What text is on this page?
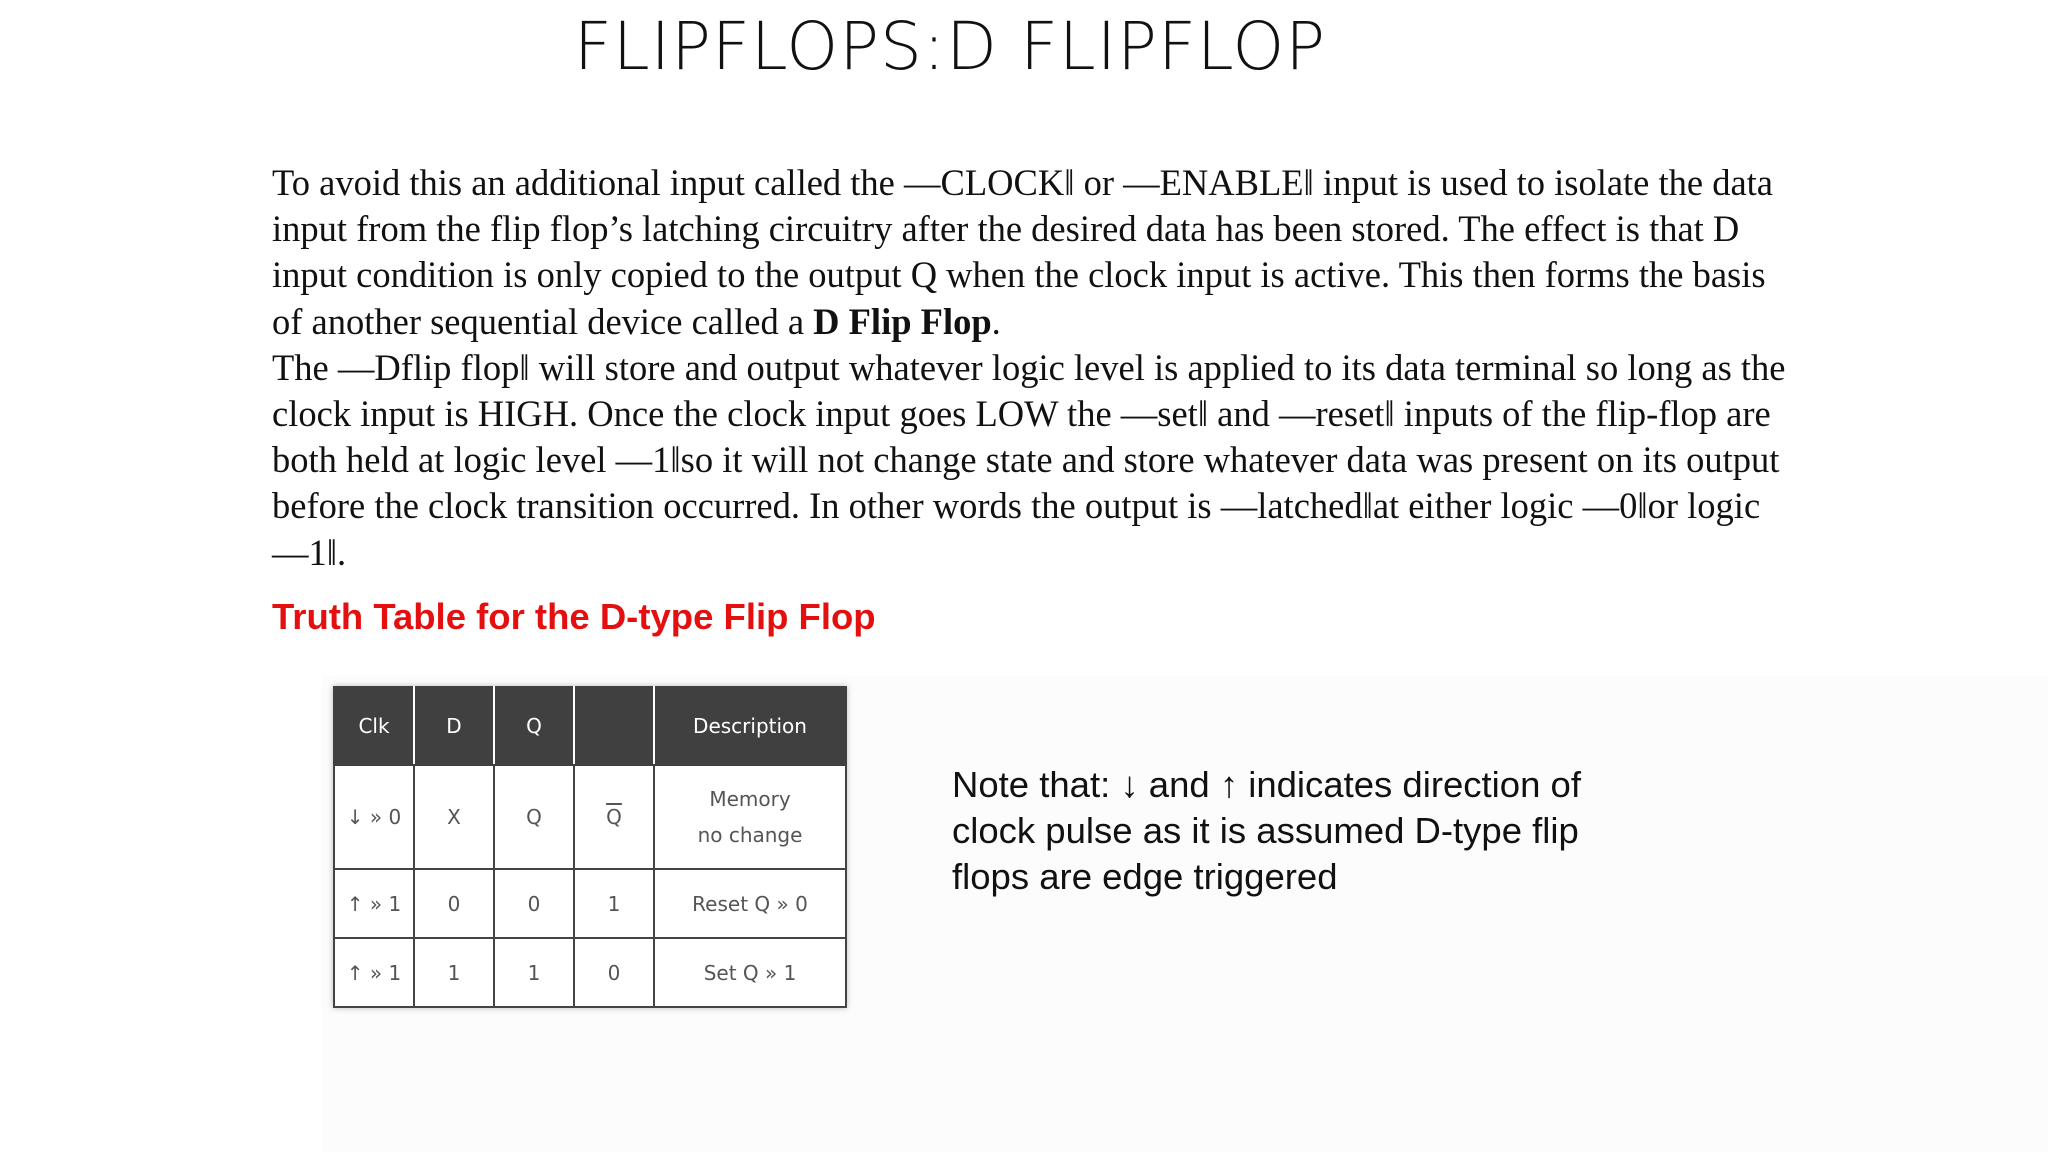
FLIPFLOPS:D FLIPFLOP

To avoid this an additional input called the ―CLOCK‖ or ―ENABLE‖ input is used to isolate the data input from the flip flop’s latching circuitry after the desired data has been stored. The effect is that D input condition is only copied to the output Q when the clock input is active. This then forms the basis of another sequential device called a D Flip Flop.

The ―Dflip flop‖ will store and output whatever logic level is applied to its data terminal so long as the clock input is HIGH. Once the clock input goes LOW the ―set‖ and ―reset‖ inputs of the flip-flop are both held at logic level ―1‖so it will not change state and store whatever data was present on its output before the clock transition occurred. In other words the output is ―latched‖at either logic ―0‖or logic ―1‖.

Truth Table for the D-type Flip Flop
Clk	D	Q		Description
↓ » 0	X	Q	$\overline{Q}$	Memory
no change

↑ » 1	0	0	1	Reset Q » 0
↑ » 1	1	1	0	Set Q » 1
Note that: ↓ and ↑ indicates direction of clock pulse as it is assumed D-type flip flops are edge triggered
